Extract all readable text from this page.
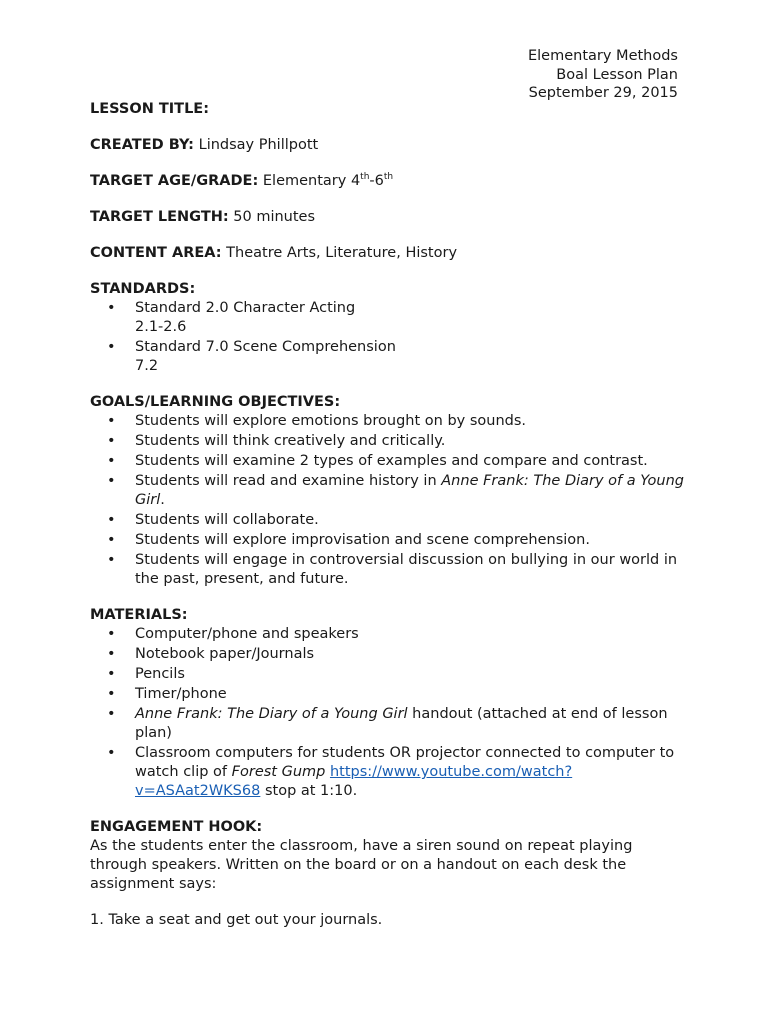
Elementary Methods
Boal Lesson Plan
September 29, 2015
LESSON TITLE:
CREATED BY: Lindsay Phillpott
TARGET AGE/GRADE: Elementary 4th-6th
TARGET LENGTH: 50 minutes
CONTENT AREA: Theatre Arts, Literature, History
STANDARDS:
• Standard 2.0 Character Acting
2.1-2.6
• Standard 7.0 Scene Comprehension
7.2
GOALS/LEARNING OBJECTIVES:
• Students will explore emotions brought on by sounds.
• Students will think creatively and critically.
• Students will examine 2 types of examples and compare and contrast.
• Students will read and examine history in Anne Frank: The Diary of a Young Girl.
• Students will collaborate.
• Students will explore improvisation and scene comprehension.
• Students will engage in controversial discussion on bullying in our world in the past, present, and future.
MATERIALS:
• Computer/phone and speakers
• Notebook paper/Journals
• Pencils
• Timer/phone
• Anne Frank: The Diary of a Young Girl handout (attached at end of lesson plan)
• Classroom computers for students OR projector connected to computer to watch clip of Forest Gump https://www.youtube.com/watch?v=ASAat2WKS68 stop at 1:10.
ENGAGEMENT HOOK:
As the students enter the classroom, have a siren sound on repeat playing through speakers. Written on the board or on a handout on each desk the assignment says:
1. Take a seat and get out your journals.
